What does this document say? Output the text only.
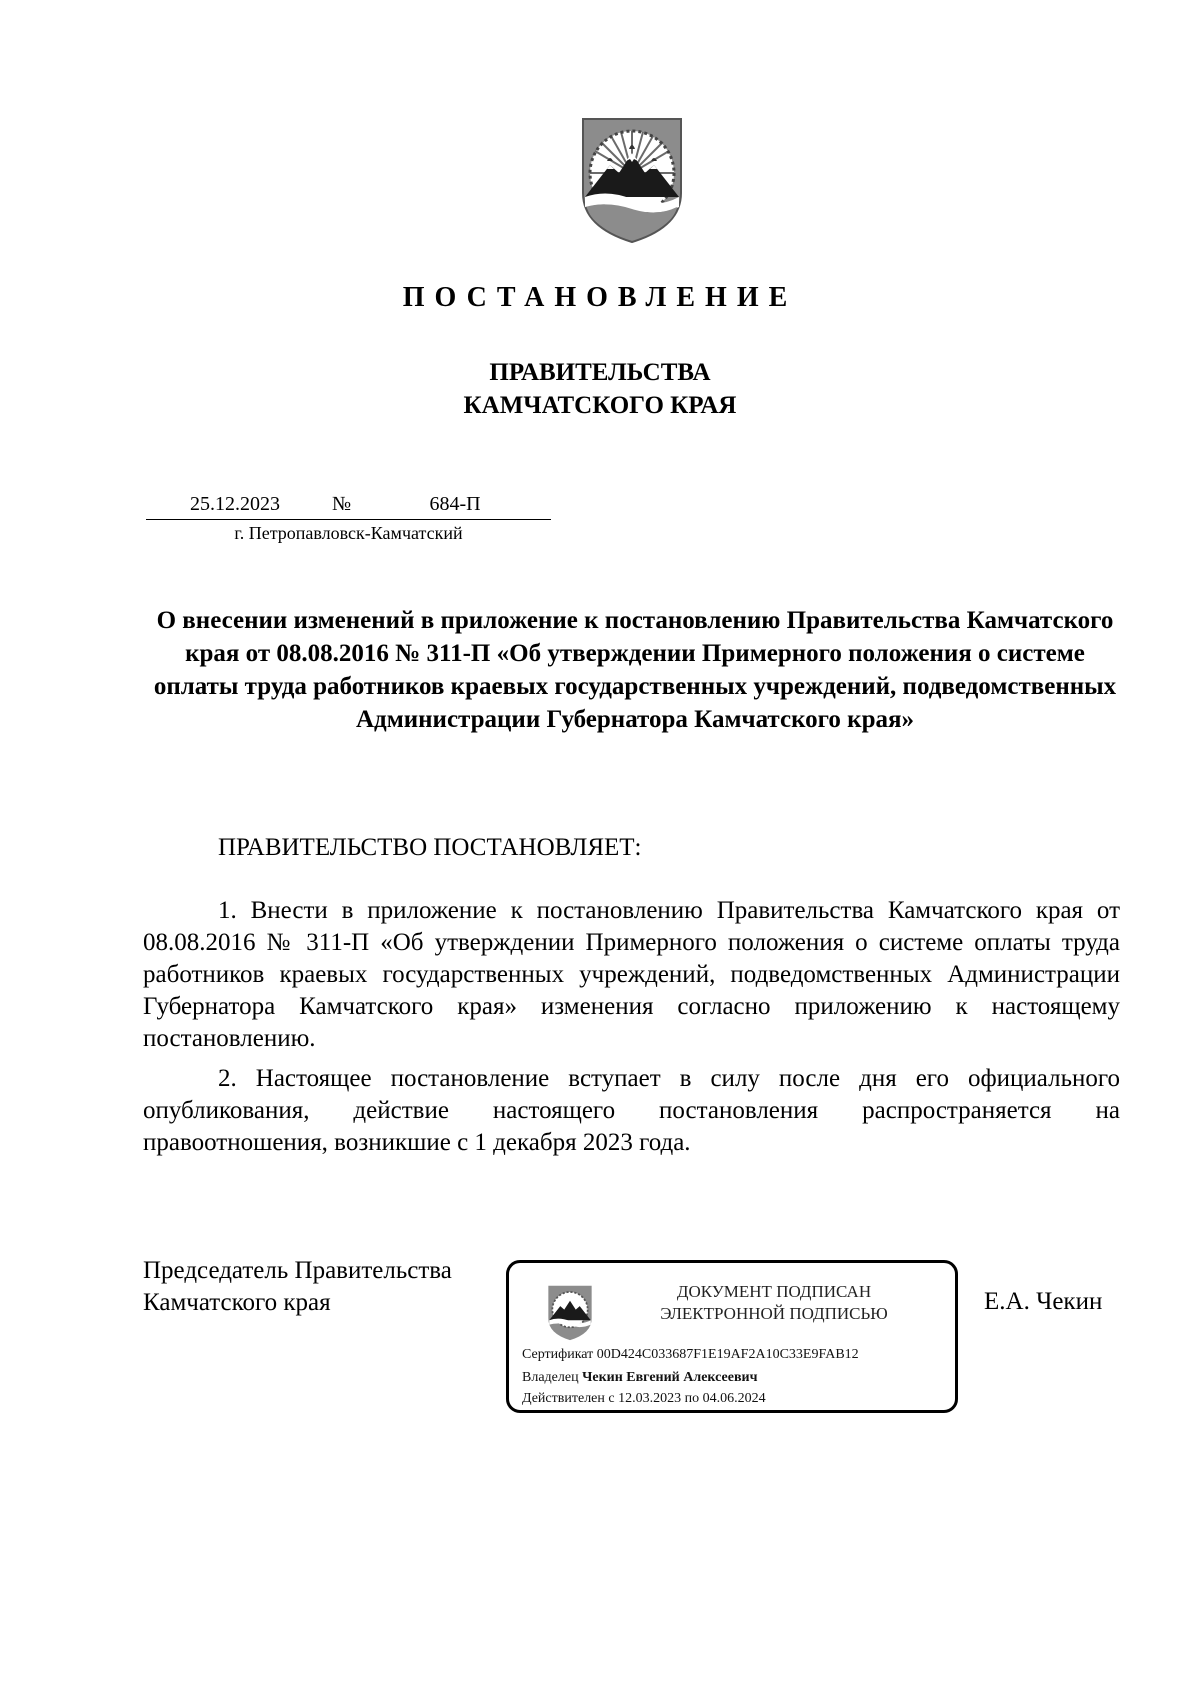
ПОСТАНОВЛЕНИЕ
ПРАВИТЕЛЬСТВА
КАМЧАТСКОГО КРАЯ
25.12.2023	№	684-П
г. Петропавловск-Камчатский
О внесении изменений в приложение к постановлению Правительства Камчатского края от 08.08.2016 № 311-П «Об утверждении Примерного положения о системе оплаты труда работников краевых государственных учреждений, подведомственных Администрации Губернатора Камчатского края»
ПРАВИТЕЛЬСТВО ПОСТАНОВЛЯЕТ:
1. Внести в приложение к постановлению Правительства Камчатского края от 08.08.2016 № 311-П «Об утверждении Примерного положения о системе оплаты труда работников краевых государственных учреждений, подведомственных Администрации Губернатора Камчатского края» изменения согласно приложению к настоящему постановлению.
2. Настоящее постановление вступает в силу после дня его официального опубликования, действие настоящего постановления распространяется на правоотношения, возникшие с 1 декабря 2023 года.
Председатель Правительства
Камчатского края	ДОКУМЕНТ ПОДПИСАН
ЭЛЕКТРОННОЙ ПОДПИСЬЮ
Сертификат 00D424C033687F1E19AF2A10C33E9FAB12
Владелец Чекин Евгений Алексеевич
Действителен с 12.03.2023 по 04.06.2024
Е.А. Чекин
